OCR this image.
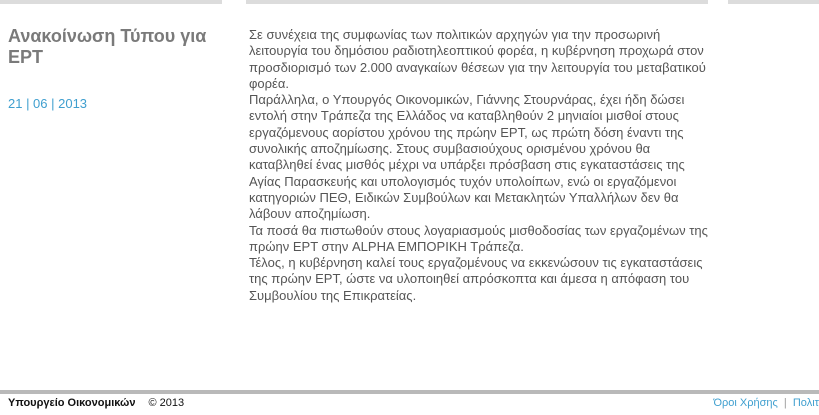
Ανακοίνωση Τύπου για ΕΡΤ
21 | 06 | 2013

Σε συνέχεια της συμφωνίας των πολιτικών αρχηγών για την προσωρινή λειτουργία του δημόσιου ραδιοτηλεοπτικού φορέα, η κυβέρνηση προχωρά στον προσδιορισμό των 2.000 αναγκαίων θέσεων για την λειτουργία του μεταβατικού φορέα.

Παράλληλα, ο Υπουργός Οικονομικών, Γιάννης Στουρνάρας, έχει ήδη δώσει εντολή στην Τράπεζα της Ελλάδος να καταβληθούν 2 μηνιαίοι μισθοί στους εργαζόμενους αορίστου χρόνου της πρώην ΕΡΤ, ως πρώτη δόση έναντι της συνολικής αποζημίωσης. Στους συμβασιούχους ορισμένου χρόνου θα καταβληθεί ένας μισθός μέχρι να υπάρξει πρόσβαση στις εγκαταστάσεις της Αγίας Παρασκευής και υπολογισμός τυχόν υπολοίπων, ενώ οι εργαζόμενοι κατηγοριών ΠΕΘ, Ειδικών Συμβούλων και Μετακλητών Υπαλλήλων δεν θα λάβουν αποζημίωση.

Τα ποσά θα πιστωθούν στους λογαριασμούς μισθοδοσίας των εργαζομένων της πρώην ΕΡΤ στην ALPHA ΕΜΠΟΡΙΚΗ Τράπεζα.

Τέλος, η κυβέρνηση καλεί τους εργαζομένους να εκκενώσουν τις εγκαταστάσεις της πρώην ΕΡΤ, ώστε να υλοποιηθεί απρόσκοπτα και άμεσα η απόφαση του Συμβουλίου της Επικρατείας.

Υπουργείο Οικονομικών © 2013	Όροι Χρήσης | Πολιτ
